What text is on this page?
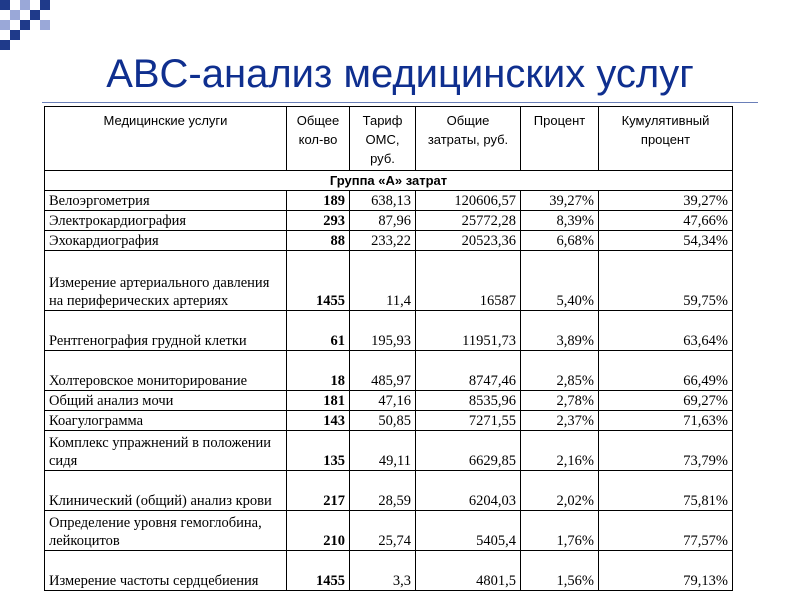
ABC-анализ медицинских услуг
Медицинские услуги	Общее кол-во	Тариф ОМС, руб.	Общие затраты, руб.	Процент	Кумулятивный процент
Группа «А» затрат					
Велоэргометрия	189	638,13	120606,57	39,27%	39,27%
Электрокардиография	293	87,96	25772,28	8,39%	47,66%
Эхокардиография	88	233,22	20523,36	6,68%	54,34%
Измерение артериального давления на периферических артериях	1455	11,4	16587	5,40%	59,75%
Рентгенография грудной клетки	61	195,93	11951,73	3,89%	63,64%
Холтеровское мониторирование	18	485,97	8747,46	2,85%	66,49%
Общий анализ мочи	181	47,16	8535,96	2,78%	69,27%
Коагулограмма	143	50,85	7271,55	2,37%	71,63%
Комплекс упражнений в положении сидя	135	49,11	6629,85	2,16%	73,79%
Клинический (общий) анализ крови	217	28,59	6204,03	2,02%	75,81%
Определение уровня гемоглобина, лейкоцитов	210	25,74	5405,4	1,76%	77,57%
Измерение частоты сердцебиения	1455	3,3	4801,5	1,56%	79,13%
